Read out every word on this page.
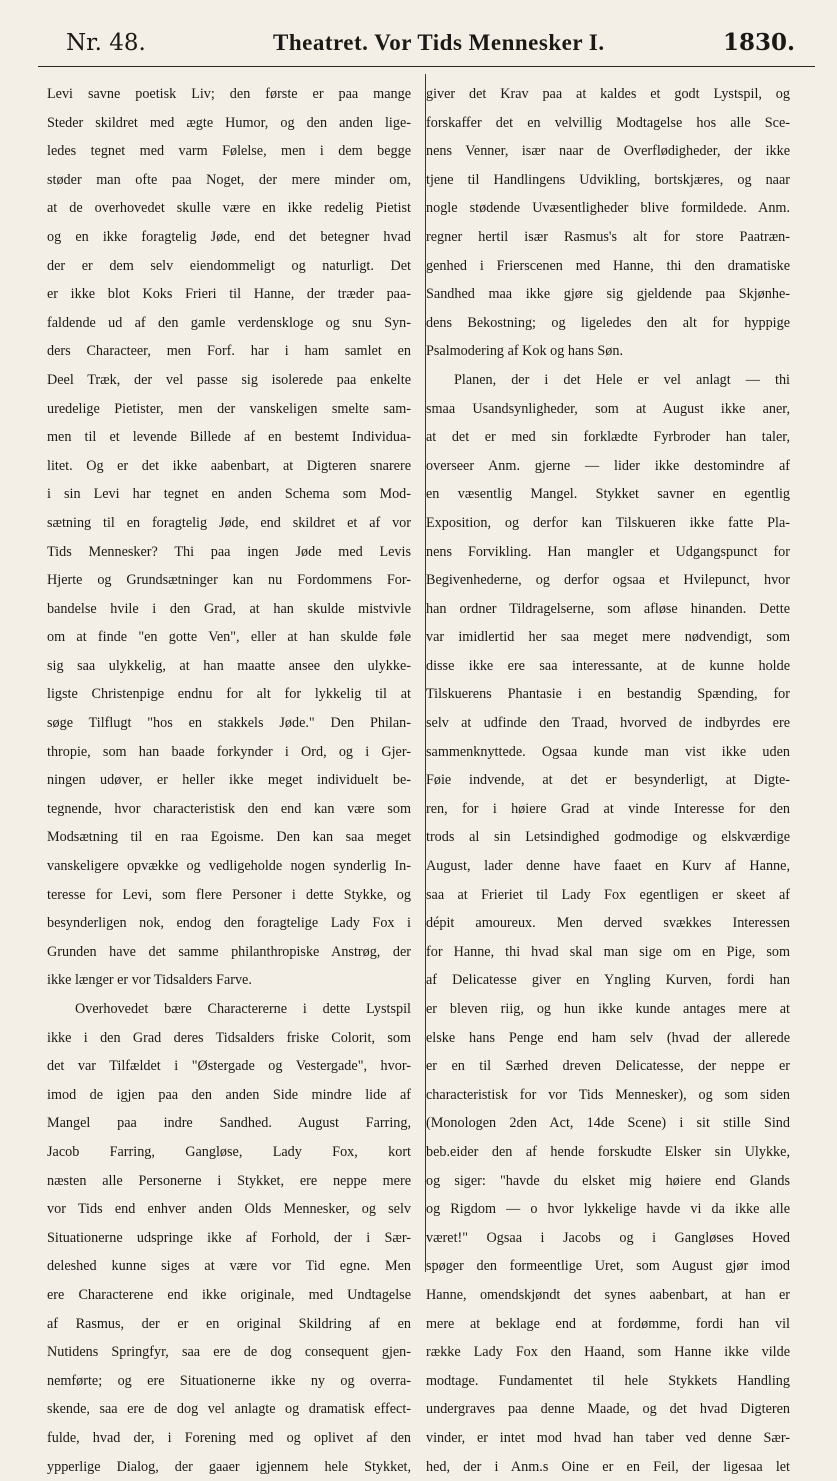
Nr. 48.	Theatret. Vor Tids Mennesker I.	1830.
Levi savne poetisk Liv; den første er paa mange
Steder skildret med ægte Humor, og den anden lige-
ledes tegnet med varm Følelse, men i dem begge
støder man ofte paa Noget, der mere minder om,
at de overhovedet skulle være en ikke redelig Pietist
og en ikke foragtelig Jøde, end det betegner hvad
der er dem selv eiendommeligt og naturligt. Det
er ikke blot Koks Frieri til Hanne, der træder paa-
faldende ud af den gamle verdenskloge og snu Syn-
ders Characteer, men Forf. har i ham samlet en
Deel Træk, der vel passe sig isolerede paa enkelte
uredelige Pietister, men der vanskeligen smelte sam-
men til et levende Billede af en bestemt Individua-
litet. Og er det ikke aabenbart, at Digteren snarere
i sin Levi har tegnet en anden Schema som Mod-
sætning til en foragtelig Jøde, end skildret et af vor
Tids Mennesker? Thi paa ingen Jøde med Levis
Hjerte og Grundsætninger kan nu Fordommens For-
bandelse hvile i den Grad, at han skulde mistvivle
om at finde "en gotte Ven", eller at han skulde føle
sig saa ulykkelig, at han maatte ansee den ulykke-
ligste Christenpige endnu for alt for lykkelig til at
søge Tilflugt "hos en stakkels Jøde." Den Philan-
thropie, som han baade forkynder i Ord, og i Gjer-
ningen udøver, er heller ikke meget individuelt be-
tegnende, hvor characteristisk den end kan være som
Modsætning til en raa Egoisme. Den kan saa meget
vanskeligere opvække og vedligeholde nogen synderlig In-
teresse for Levi, som flere Personer i dette Stykke, og
besynderligen nok, endog den foragtelige Lady Fox i
Grunden have det samme philanthropiske Anstrøg, der
ikke længer er vor Tidsalders Farve.
Overhovedet bære Charactererne i dette Lystspil
ikke i den Grad deres Tidsalders friske Colorit, som
det var Tilfældet i "Østergade og Vestergade", hvor-
imod de igjen paa den anden Side mindre lide af
Mangel paa indre Sandhed. August Farring,
Jacob Farring, Gangløse, Lady Fox, kort
næsten alle Personerne i Stykket, ere neppe mere
vor Tids end enhver anden Olds Mennesker, og selv
Situationerne udspringe ikke af Forhold, der i Sær-
deleshed kunne siges at være vor Tid egne. Men
ere Characterene end ikke originale, med Undtagelse
af Rasmus, der er en original Skildring af en
Nutidens Springfyr, saa ere de dog consequent gjen-
nemførte; og ere Situationerne ikke ny og overra-
skende, saa ere de dog vel anlagte og dramatisk effect-
fulde, hvad der, i Forening med og oplivet af den
ypperlige Dialog, der gaaer igjennem hele Stykket,
giver det Krav paa at kaldes et godt Lystspil, og
forskaffer det en velvillig Modtagelse hos alle Sce-
nens Venner, især naar de Overflødigheder, der ikke
tjene til Handlingens Udvikling, bortskjæres, og naar
nogle stødende Uvæsentligheder blive formildede. Anm.
regner hertil især Rasmus's alt for store Paatræn-
genhed i Frierscenen med Hanne, thi den dramatiske
Sandhed maa ikke gjøre sig gjeldende paa Skjønhe-
dens Bekostning; og ligeledes den alt for hyppige
Psalmodering af Kok og hans Søn.
Planen, der i det Hele er vel anlagt — thi
smaa Usandsynligheder, som at August ikke aner,
at det er med sin forklædte Fyrbroder han taler,
overseer Anm. gjerne — lider ikke destomindre af
en væsentlig Mangel. Stykket savner en egentlig
Exposition, og derfor kan Tilskueren ikke fatte Pla-
nens Forvikling. Han mangler et Udgangspunct for
Begivenhederne, og derfor ogsaa et Hvilepunct, hvor
han ordner Tildragelserne, som afløse hinanden. Dette
var imidlertid her saa meget mere nødvendigt, som
disse ikke ere saa interessante, at de kunne holde
Tilskuerens Phantasie i en bestandig Spænding, for
selv at udfinde den Traad, hvorved de indbyrdes ere
sammenknyttede. Ogsaa kunde man vist ikke uden
Føie indvende, at det er besynderligt, at Digte-
ren, for i høiere Grad at vinde Interesse for den
trods al sin Letsindighed godmodige og elskværdige
August, lader denne have faaet en Kurv af Hanne,
saa at Frieriet til Lady Fox egentligen er skeet af
dépit amoureux. Men derved svækkes Interessen
for Hanne, thi hvad skal man sige om en Pige, som
af Delicatesse giver en Yngling Kurven, fordi han
er bleven riig, og hun ikke kunde antages mere at
elske hans Penge end ham selv (hvad der allerede
er en til Særhed dreven Delicatesse, der neppe er
characteristisk for vor Tids Mennesker), og som siden
(Monologen 2den Act, 14de Scene) i sit stille Sind
beb.eider den af hende forskudte Elsker sin Ulykke,
og siger: "havde du elsket mig høiere end Glands
og Rigdom — o hvor lykkelige havde vi da ikke alle
været!" Ogsaa i Jacobs og i Gangløses Hoved
spøger den formeentlige Uret, som August gjør imod
Hanne, omendskjøndt det synes aabenbart, at han er
mere at beklage end at fordømme, fordi han vil
række Lady Fox den Haand, som Hanne ikke vilde
modtage. Fundamentet til hele Stykkets Handling
undergraves paa denne Maade, og det hvad Digteren
vinder, er intet mod hvad han taber ved denne Sær-
hed, der i Anm.s Oine er en Feil, der ligesaa let
